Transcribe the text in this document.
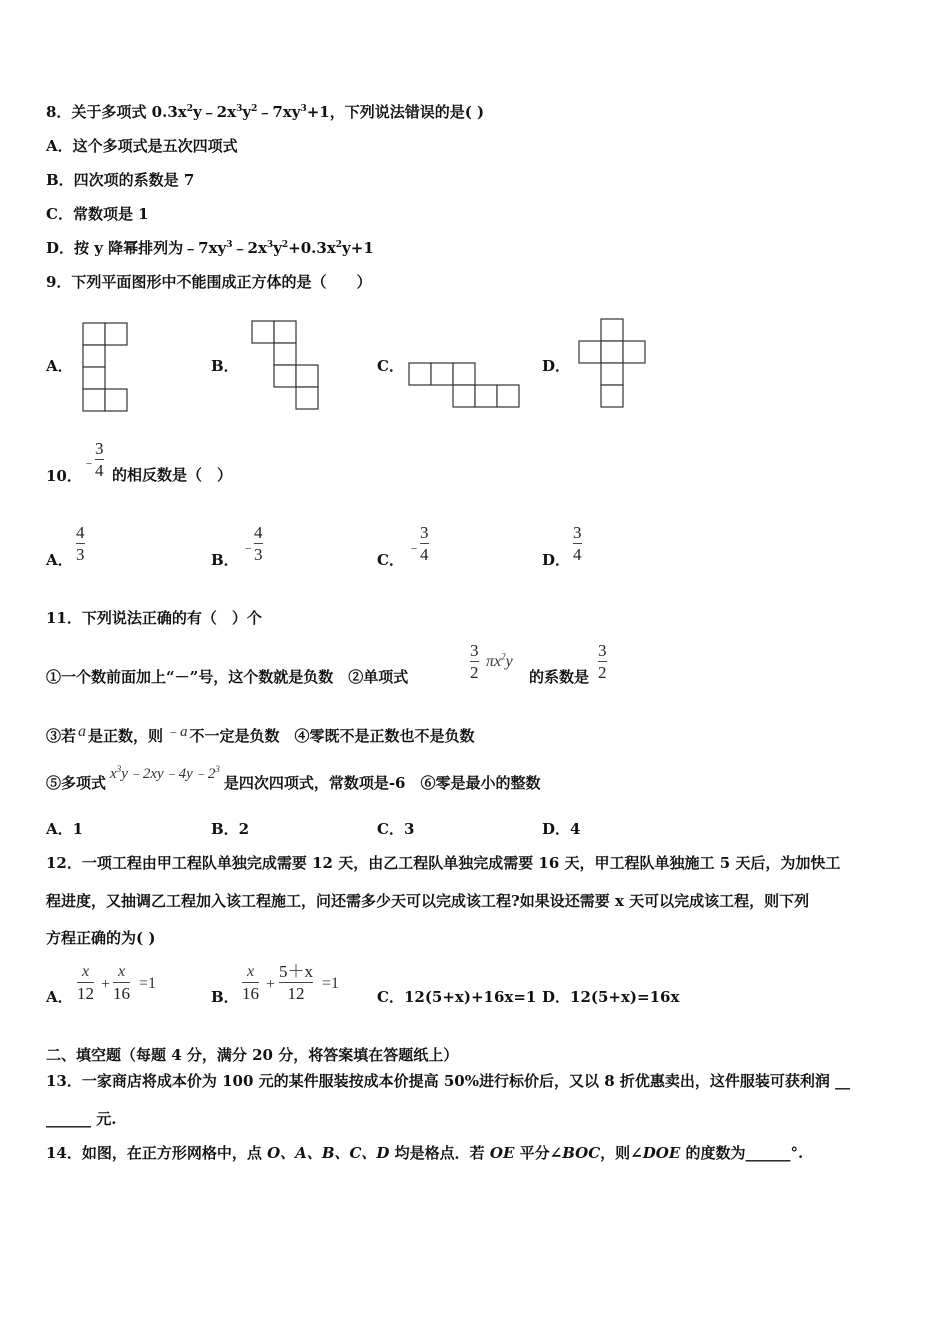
8．关于多项式 $0.3x^2y﹣2x^3y^2﹣7xy^3+1$，下列说法错误的是( )
A．这个多项式是五次四项式
B．四次项的系数是 7
C．常数项是 1
D．按 y 降幂排列为$﹣7xy^3﹣2x^3y^2+0.3x^2y+1$
9．下列平面图形中不能围成正方体的是（　　）
A．	B．	C．	D．
10．
﹣
3
4 的相反数是（　）
A．
4
3	B．
﹣
4
3	C．
﹣
3
4	D．
3
4
11．下列说法正确的有（　）个
①一个数前面加上“－”号，这个数就是负数　②单项式
3
2
$\pi x^2y$
的系数是
3
2
③若 a 是正数，则 ﹣a 不一定是负数　④零既不是正数也不是负数
⑤多项式 $x^3y﹣2xy﹣4y﹣2^3$是四次四项式，常数项是-6　⑥零是最小的整数
A．1	B．2	C．3	D．4
12．一项工程由甲工程队单独完成需要 12 天，由乙工程队单独完成需要 16 天，甲工程队单独施工 5 天后，为加快工
程进度，又抽调乙工程加入该工程施工，问还需多少天可以完成该工程?如果设还需要 x 天可以完成该工程，则下列
方程正确的为( )
A．
x
12 +
x
16
=1
B．
x
16 +
5＋x
12
=1
C．12(5+x)+16x=1 D．12(5+x)=16x
二、填空题（每题 4 分，满分 20 分，将答案填在答题纸上）
13．一家商店将成本价为 100 元的某件服装按成本价提高 50%进行标价后，又以 8 折优惠卖出，这件服装可获利润 __
______ 元.
14．如图，在正方形网格中，点 O、A、B、C、D 均是格点．若 OE 平分∠BOC，则∠DOE 的度数为______°.
